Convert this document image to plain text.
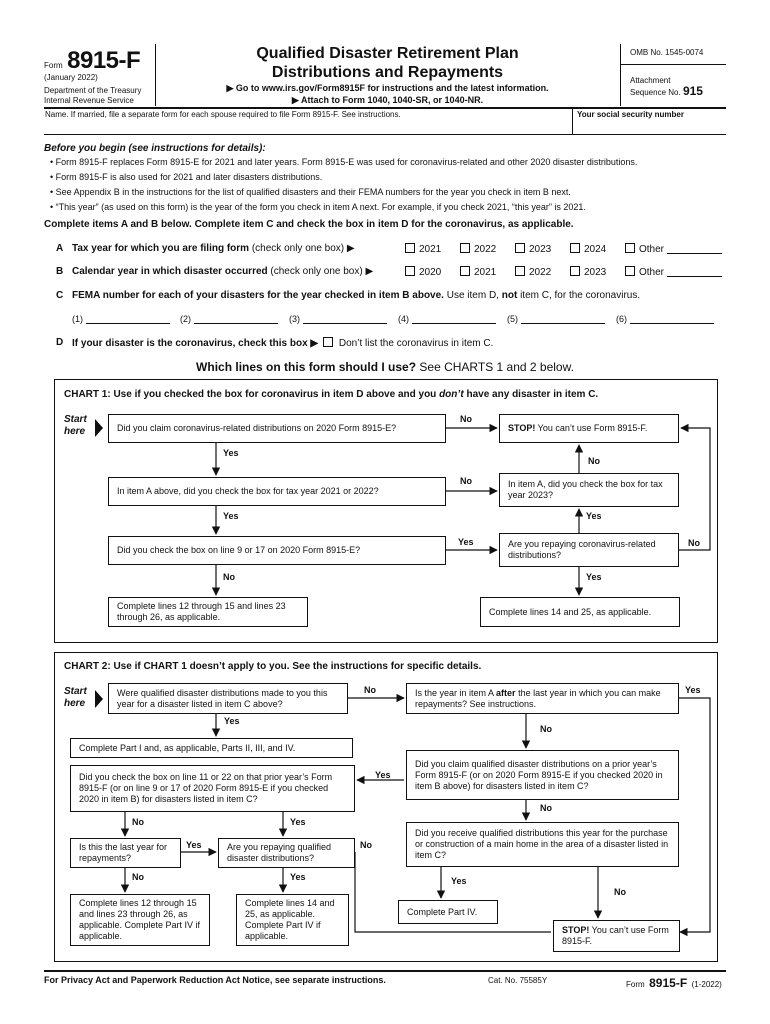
Form 8915-F
(January 2022)
Department of the Treasury
Internal Revenue Service
Qualified Disaster Retirement Plan
Distributions and Repayments
▶ Go to www.irs.gov/Form8915F for instructions and the latest information.
▶ Attach to Form 1040, 1040-SR, or 1040-NR.
OMB No. 1545-0074
Attachment
Sequence No. 915
Name. If married, file a separate form for each spouse required to file Form 8915-F. See instructions.	Your social security number
Before you begin (see instructions for details):
• Form 8915-F replaces Form 8915-E for 2021 and later years. Form 8915-E was used for coronavirus-related and other 2020 disaster distributions.
• Form 8915-F is also used for 2021 and later disasters distributions.
• See Appendix B in the instructions for the list of qualified disasters and their FEMA numbers for the year you check in item B next.
• “This year” (as used on this form) is the year of the form you check in item A next. For example, if you check 2021, “this year” is 2021.
Complete items A and B below. Complete item C and check the box in item D for the coronavirus, as applicable.
A Tax year for which you are filing form (check only one box) ▶	2021	2022	2023	2024	Other
B Calendar year in which disaster occurred (check only one box) ▶	2020	2021	2022	2023	Other
C FEMA number for each of your disasters for the year checked in item B above. Use item D, not item C, for the coronavirus.
(1)	(2)	(3)	(4)	(5)	(6)
D If your disaster is the coronavirus, check this box ▶ Don’t list the coronavirus in item C.
Which lines on this form should I use? See CHARTS 1 and 2 below.
CHART 1: Use if you checked the box for coronavirus in item D above and you don’t have any disaster in item C.
Start
here	Did you claim coronavirus-related distributions on 2020 Form 8915-E?	STOP! You can’t use Form 8915-F.
In item A above, did you check the box for tax year 2021 or 2022?
In item A, did you check the box for tax year 2023?
Did you check the box on line 9 or 17 on 2020 Form 8915-E?
Are you repaying coronavirus-related distributions?
Complete lines 12 through 15 and lines 23 through 26, as applicable.
Complete lines 14 and 25, as applicable.
No
Yes
No
No
Yes	Yes
Yes	No
No	Yes
CHART 2: Use if CHART 1 doesn’t apply to you. See the instructions for specific details.
Start
here
Were qualified disaster distributions made to you this year for a disaster listed in item C above?
Is the year in item A after the last year in which you can make repayments? See instructions.
Complete Part I and, as applicable, Parts II, III, and IV.
Did you claim qualified disaster distributions on a prior year’s Form 8915-F (or on 2020 Form 8915-E if you checked 2020 in item B above) for disasters listed in item C?
Did you check the box on line 11 or 22 on that prior year’s Form 8915-F (or on line 9 or 17 of 2020 Form 8915-E if you checked 2020 in item B) for disasters listed in item C?
Did you receive qualified distributions this year for the purchase or construction of a main home in the area of a disaster listed in item C?
Is this the last year for repayments?
Are you repaying qualified disaster distributions?
Complete lines 12 through 15 and lines 23 through 26, as applicable. Complete Part IV if applicable.
Complete lines 14 and 25, as applicable. Complete Part IV if applicable.
Complete Part IV.
STOP! You can’t use Form 8915-F.
No	Yes
Yes
No
Yes
No
No	Yes
Yes	No
No	Yes	Yes
No
For Privacy Act and Paperwork Reduction Act Notice, see separate instructions.	Cat. No. 75585Y	Form 8915-F (1-2022)
